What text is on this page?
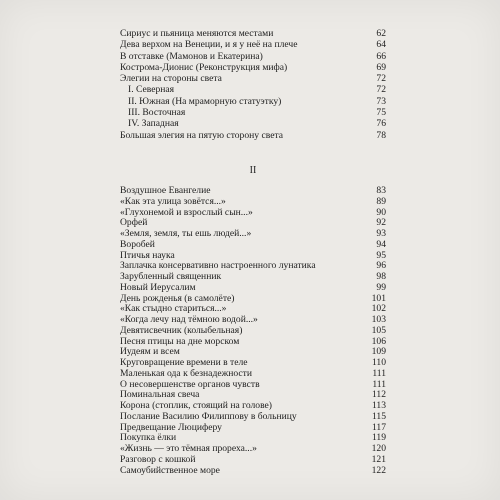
Сириус и пьяница меняются местами	62
Дева верхом на Венеции, и я у неё на плече	64
В отставке (Мамонов и Екатерина)	66
Кострома-Дионис (Реконструкция мифа)	69
Элегии на стороны света	72
I. Северная	72
II. Южная (На мраморную статуэтку)	73
III. Восточная	75
IV. Западная	76
Большая элегия на пятую сторону света	78
II
Воздушное Евангелие	83
«Как эта улица зовётся...»	89
«Глухонемой и взрослый сын...»	90
Орфей	92
«Земля, земля, ты ешь людей...»	93
Воробей	94
Птичья наука	95
Заплачка консервативно настроенного лунатика	96
Зарубленный священник	98
Новый Иерусалим	99
День рожденья (в самолёте)	101
«Как стыдно стариться...»	102
«Когда лечу над тёмною водой...»	103
Девятисвечник (колыбельная)	105
Песня птицы на дне морском	106
Иудеям и всем	109
Круговращение времени в теле	110
Маленькая ода к безнадежности	111
О несовершенстве органов чувств	111
Поминальная свеча	112
Корона (стоплик, стоящий на голове)	113
Послание Василию Филиппову в больницу	115
Предвещание Люциферу	117
Покупка ёлки	119
«Жизнь — это тёмная прореха...»	120
Разговор с кошкой	121
Самоубийственное море	122
